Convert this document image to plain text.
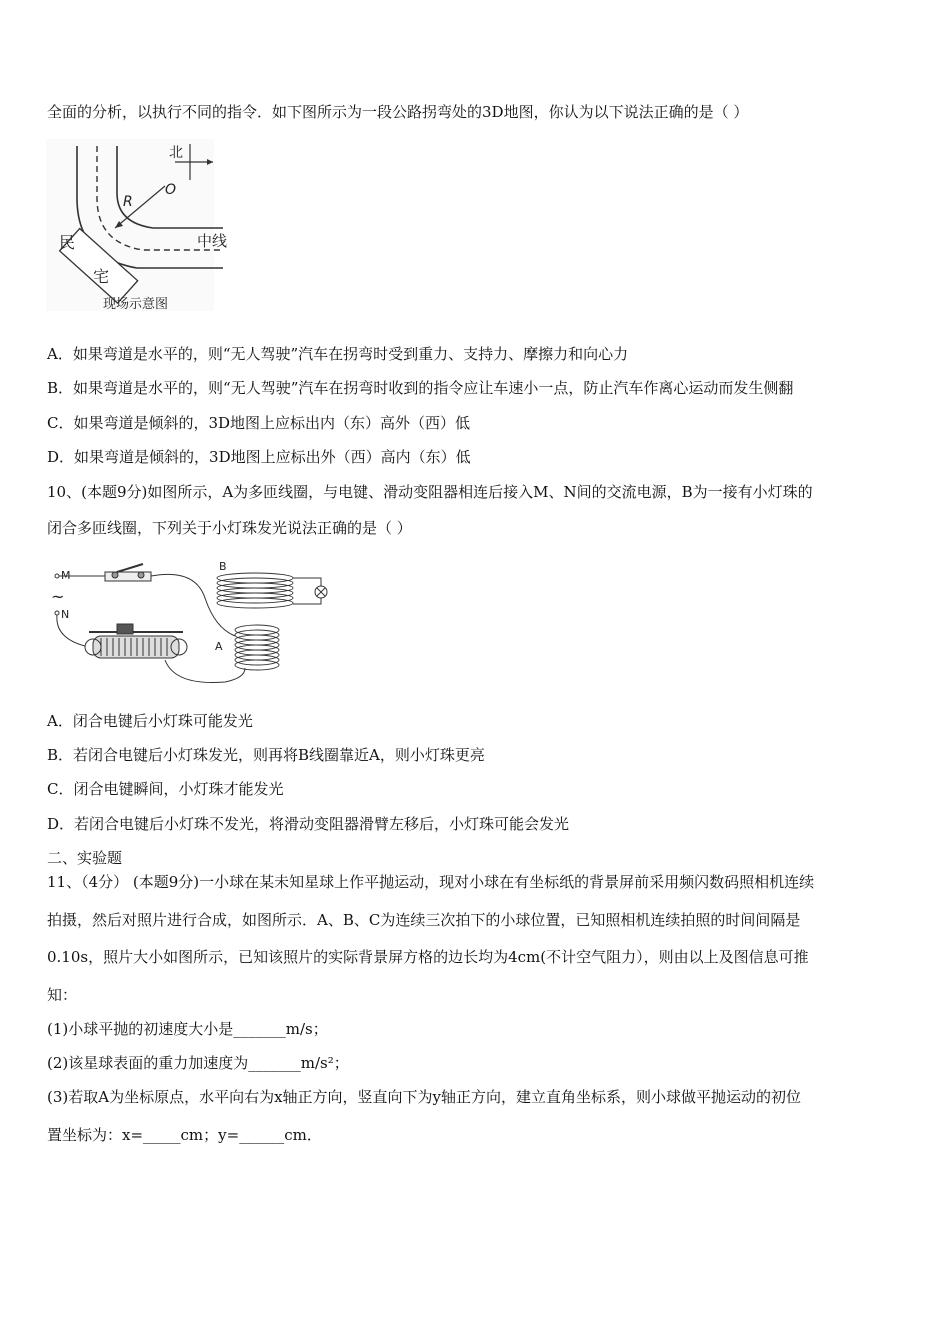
全面的分析，以执行不同的指令．如下图所示为一段公路拐弯处的3D地图，你认为以下说法正确的是（ ）
北
O
R
中线
民
宅
现场示意图
A．如果弯道是水平的，则“无人驾驶”汽车在拐弯时受到重力、支持力、摩擦力和向心力
B．如果弯道是水平的，则“无人驾驶”汽车在拐弯时收到的指令应让车速小一点，防止汽车作离心运动而发生侧翻
C．如果弯道是倾斜的，3D地图上应标出内（东）高外（西）低
D．如果弯道是倾斜的，3D地图上应标出外（西）高内（东）低
10、(本题9分)如图所示，A为多匝线圈，与电键、滑动变阻器相连后接入M、N间的交流电源，B为一接有小灯珠的
闭合多匝线圈，下列关于小灯珠发光说法正确的是（ ）
M
~
N
B
A
A．闭合电键后小灯珠可能发光
B．若闭合电键后小灯珠发光，则再将B线圈靠近A，则小灯珠更亮
C．闭合电键瞬间，小灯珠才能发光
D．若闭合电键后小灯珠不发光，将滑动变阻器滑臂左移后，小灯珠可能会发光
二、实验题
11、（4分） (本题9分)一小球在某未知星球上作平抛运动，现对小球在有坐标纸的背景屏前采用频闪数码照相机连续
拍摄，然后对照片进行合成，如图所示．A、B、C为连续三次拍下的小球位置，已知照相机连续拍照的时间间隔是
0.10s，照片大小如图所示，已知该照片的实际背景屏方格的边长均为4cm(不计空气阻力），则由以上及图信息可推
知：
(1)小球平抛的初速度大小是_______m/s；
(2)该星球表面的重力加速度为_______m/s²；
(3)若取A为坐标原点，水平向右为x轴正方向，竖直向下为y轴正方向，建立直角坐标系，则小球做平抛运动的初位
置坐标为：x=_____cm；y=______cm．
